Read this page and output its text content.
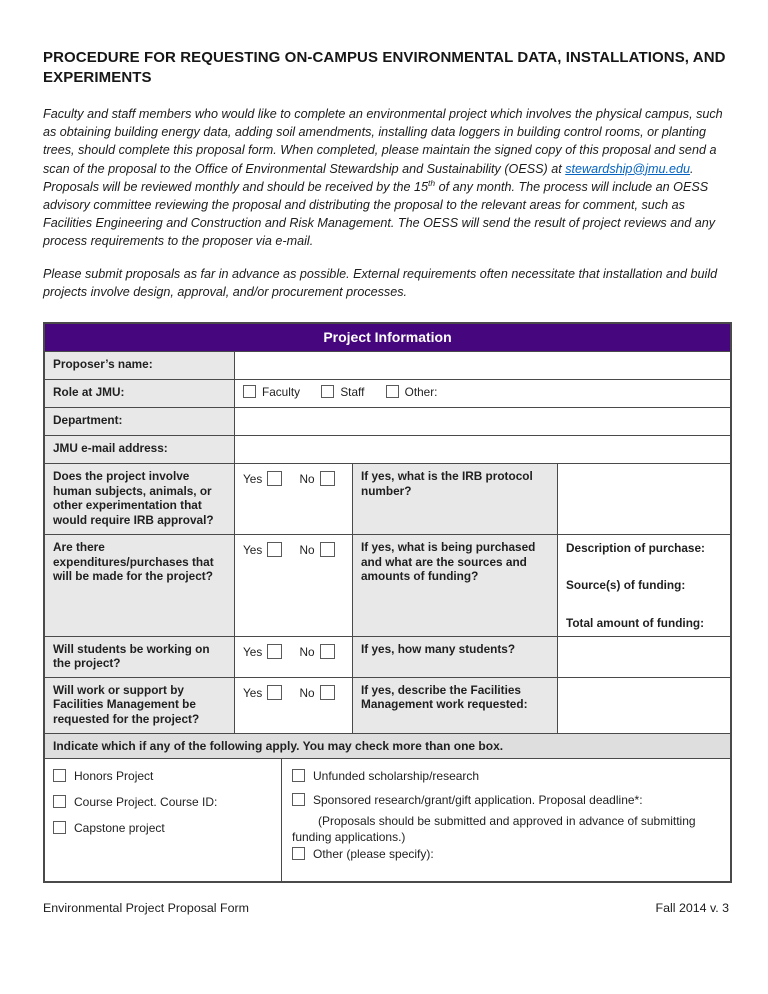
PROCEDURE FOR REQUESTING ON-CAMPUS ENVIRONMENTAL DATA, INSTALLATIONS, AND EXPERIMENTS

Faculty and staff members who would like to complete an environmental project which involves the physical campus, such as obtaining building energy data, adding soil amendments, installing data loggers in building control rooms, or planting trees, should complete this proposal form. When completed, please maintain the signed copy of this proposal and send a scan of the proposal to the Office of Environmental Stewardship and Sustainability (OESS) at stewardship@jmu.edu. Proposals will be reviewed monthly and should be received by the 15th of any month. The process will include an OESS advisory committee reviewing the proposal and distributing the proposal to the relevant areas for comment, such as Facilities Engineering and Construction and Risk Management. The OESS will send the result of project reviews and any process requirements to the proposer via e-mail.

Please submit proposals as far in advance as possible. External requirements often necessitate that installation and build projects involve design, approval, and/or procurement processes.

Project Information
Proposer’s name:
Role at JMU:	Faculty	Staff	Other:
Department:
JMU e-mail address:
Does the project involve human subjects, animals, or other experimentation that would require IRB approval?
Yes	No	If yes, what is the IRB protocol number?
Are there expenditures/purchases that will be made for the project?
Yes	No	If yes, what is being purchased and what are the sources and amounts of funding?
Description of purchase:
Source(s) of funding:
Total amount of funding:
Will students be working on the project?
Yes	No	If yes, how many students?
Will work or support by Facilities Management be requested for the project?
Yes	No	If yes, describe the Facilities Management work requested:
Indicate which if any of the following apply. You may check more than one box.
Honors Project
Course Project. Course ID:
Capstone project
Unfunded scholarship/research
Sponsored research/grant/gift application. Proposal deadline*:
(Proposals should be submitted and approved in advance of submitting funding applications.)
Other (please specify):
Environmental Project Proposal Form	Fall 2014 v. 3
